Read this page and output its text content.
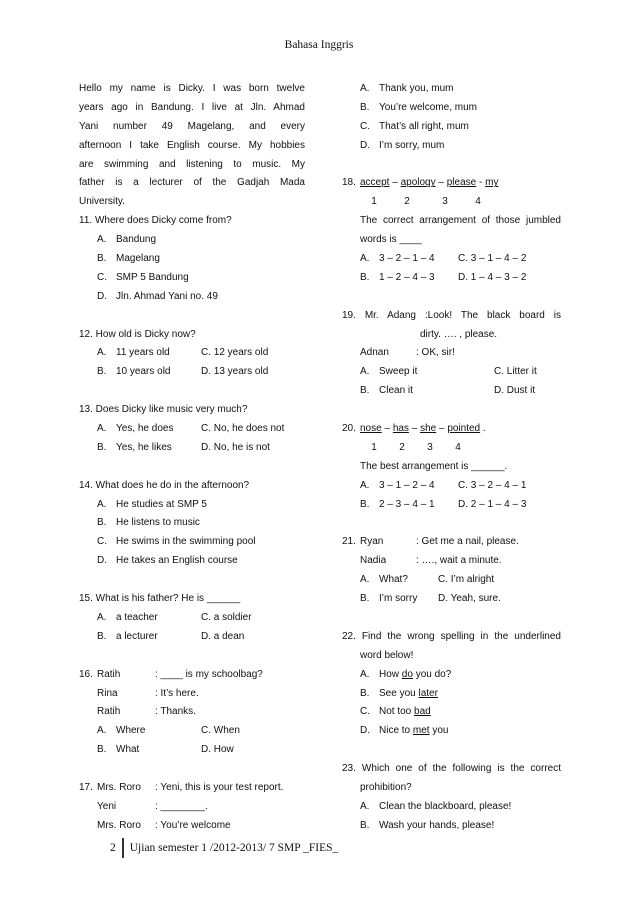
Bahasa Inggris
Hello my name is Dicky. I was born twelve
years ago in Bandung. I live at Jln. Ahmad
Yani number 49 Magelang, and every
afternoon I take English course. My hobbies
are swimming and listening to music. My
father is a lecturer of the Gadjah Mada
University.
11. Where does Dicky come from?
A. Bandung
B. Magelang
C. SMP 5 Bandung
D. Jln. Ahmad Yani no. 49
12. How old is Dicky now?
A. 11 years old	C. 12 years old
B. 10 years old	D. 13 years old
13. Does Dicky like music very much?
A. Yes, he does	C. No, he does not
B. Yes, he likes	D. No, he is not
14. What does he do in the afternoon?
A. He studies at SMP 5
B. He listens to music
C. He swims in the swimming pool
D. He takes an English course
15. What is his father? He is ______
A. a teacher	C. a soldier
B. a lecturer	D. a dean
16. Ratih	: ____ is my schoolbag?
Rina	: It’s here.
Ratih	: Thanks.
A. Where	C. When
B. What	D. How
17. Mrs. Roro : Yeni, this is your test report.
Yeni	: ________.
Mrs. Roro : You’re welcome
A. Thank you, mum
B. You’re welcome, mum
C. That’s all right, mum
D. I’m sorry, mum
18. accept – apology – please - my
1	2	3	4
The correct arrangement of those jumbled
words is ____
A. 3 – 2 – 1 – 4 C. 3 – 1 – 4 – 2
B. 1 – 2 – 4 – 3 D. 1 – 4 – 3 – 2
19. Mr. Adang :Look! The black board is
dirty. …. , please.
Adnan	: OK, sir!
A. Sweep it	C. Litter it
B. Clean it	D. Dust it
20. nose – has – she – pointed .
1 2 3 4
The best arrangement is ______.
A. 3 – 1 – 2 – 4 C. 3 – 2 – 4 – 1
B. 2 – 3 – 4 – 1 D. 2 – 1 – 4 – 3
21. Ryan	: Get me a nail, please.
Nadia	: …., wait a minute.
A. What?	C. I’m alright
B. I’m sorry D. Yeah, sure.
22. Find the wrong spelling in the underlined
word below!
A. How do you do?
B. See you later
C. Not too bad
D. Nice to met you
23. Which one of the following is the correct
prohibition?
A. Clean the blackboard, please!
B. Wash your hands, please!
2 Ujian semester 1 /2012-2013/ 7 SMP _FIES_
